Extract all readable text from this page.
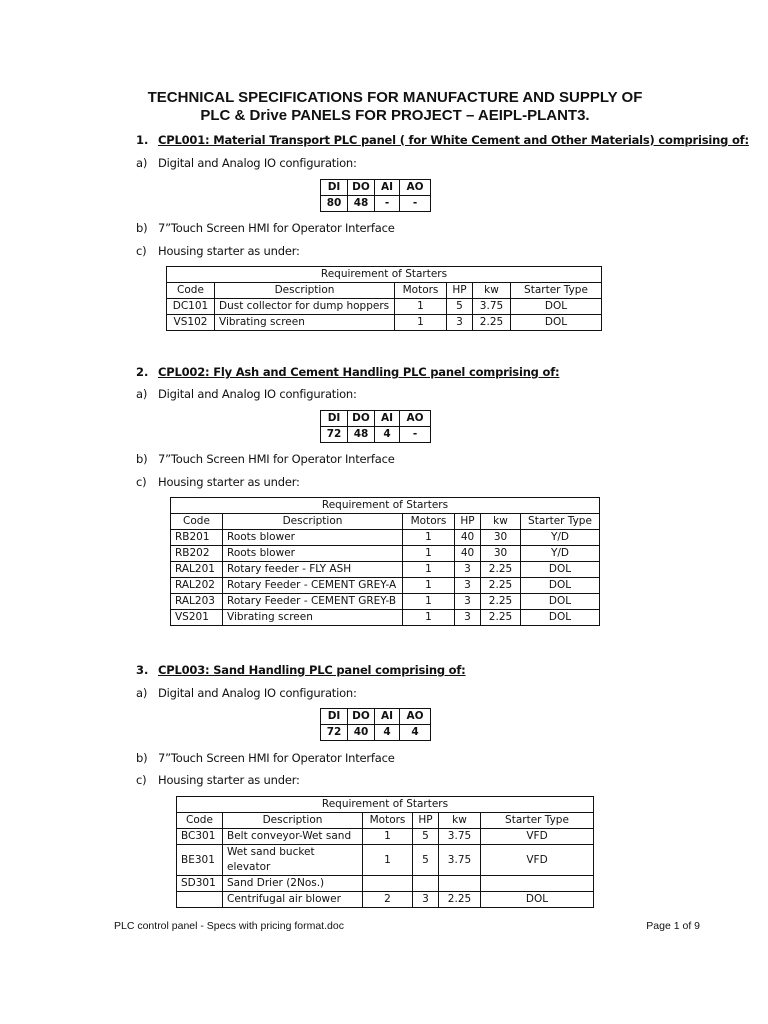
TECHNICAL SPECIFICATIONS FOR MANUFACTURE AND SUPPLY OF
PLC & Drive PANELS FOR PROJECT – AEIPL-PLANT3.
1. CPL001: Material Transport PLC panel ( for White Cement and Other Materials) comprising of:
a) Digital and Analog IO configuration:
DI	DO	AI	AO
80	48	-	-
b) 7”Touch Screen HMI for Operator Interface
c) Housing starter as under:
Requirement of Starters					
Code	Description	Motors	HP	kw	Starter Type
DC101	Dust collector for dump hoppers	1	5	3.75	DOL
VS102	Vibrating screen	1	3	2.25	DOL
2. CPL002: Fly Ash and Cement Handling PLC panel comprising of:
a) Digital and Analog IO configuration:
DI	DO	AI	AO
72	48	4	-
b) 7”Touch Screen HMI for Operator Interface
c) Housing starter as under:
Requirement of Starters					
Code	Description	Motors	HP	kw	Starter Type
RB201	Roots blower	1	40	30	Y/D
RB202	Roots blower	1	40	30	Y/D
RAL201	Rotary feeder - FLY ASH	1	3	2.25	DOL
RAL202	Rotary Feeder - CEMENT GREY-A	1	3	2.25	DOL
RAL203	Rotary Feeder - CEMENT GREY-B	1	3	2.25	DOL
VS201	Vibrating screen	1	3	2.25	DOL
3. CPL003: Sand Handling PLC panel comprising of:
a) Digital and Analog IO configuration:
DI	DO	AI	AO
72	40	4	4
b) 7”Touch Screen HMI for Operator Interface
c) Housing starter as under:
Requirement of Starters					
Code	Description	Motors	HP	kw	Starter Type
BC301	Belt conveyor-Wet sand	1	5	3.75	VFD
BE301	Wet sand bucket elevator	1	5	3.75	VFD
SD301	Sand Drier (2Nos.)				
	Centrifugal air blower	2	3	2.25	DOL
PLC control panel - Specs with pricing format.doc	Page 1 of 9
